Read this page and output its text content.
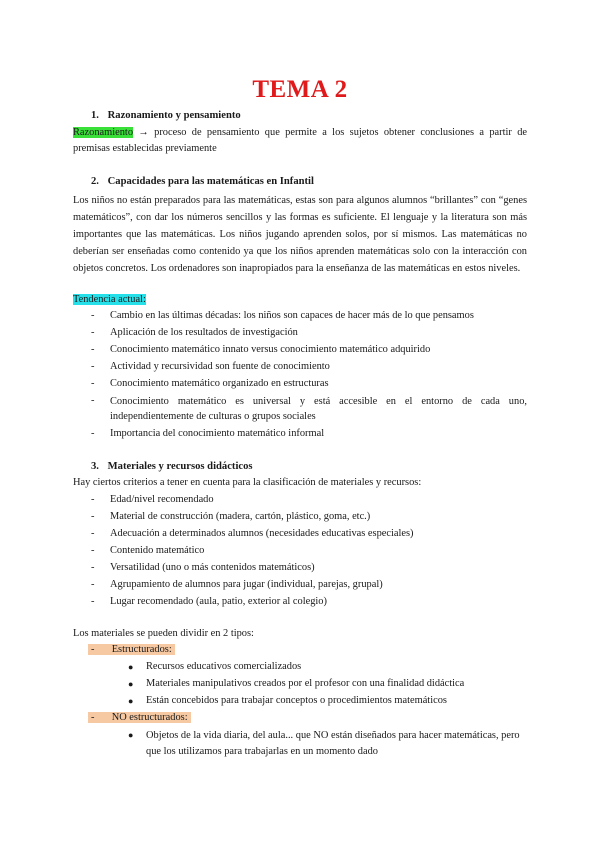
TEMA 2
1. Razonamiento y pensamiento
Razonamiento → proceso de pensamiento que permite a los sujetos obtener conclusiones a partir de premisas establecidas previamente
2. Capacidades para las matemáticas en Infantil
Los niños no están preparados para las matemáticas, estas son para algunos alumnos “brillantes” con “genes matemáticos”, con dar los números sencillos y las formas es suficiente. El lenguaje y la literatura son más importantes que las matemáticas. Los niños jugando aprenden solos, por sí mismos. Las matemáticas no deberían ser enseñadas como contenido ya que los niños aprenden matemáticas solo con la interacción con objetos concretos. Los ordenadores son inapropiados para la enseñanza de las matemáticas en estos niveles.
Tendencia actual:
- Cambio en las últimas décadas: los niños son capaces de hacer más de lo que pensamos
- Aplicación de los resultados de investigación
- Conocimiento matemático innato versus conocimiento matemático adquirido
- Actividad y recursividad son fuente de conocimiento
- Conocimiento matemático organizado en estructuras
- Conocimiento matemático es universal y está accesible en el entorno de cada uno, independientemente de culturas o grupos sociales
- Importancia del conocimiento matemático informal
3. Materiales y recursos didácticos
Hay ciertos criterios a tener en cuenta para la clasificación de materiales y recursos:
- Edad/nivel recomendado
- Material de construcción (madera, cartón, plástico, goma, etc.)
- Adecuación a determinados alumnos (necesidades educativas especiales)
- Contenido matemático
- Versatilidad (uno o más contenidos matemáticos)
- Agrupamiento de alumnos para jugar (individual, parejas, grupal)
- Lugar recomendado (aula, patio, exterior al colegio)
Los materiales se pueden dividir en 2 tipos:
- Estructurados:
● Recursos educativos comercializados
● Materiales manipulativos creados por el profesor con una finalidad didáctica
● Están concebidos para trabajar conceptos o procedimientos matemáticos
- NO estructurados:
● Objetos de la vida diaria, del aula... que NO están diseñados para hacer matemáticas, pero que los utilizamos para trabajarlas en un momento dado
